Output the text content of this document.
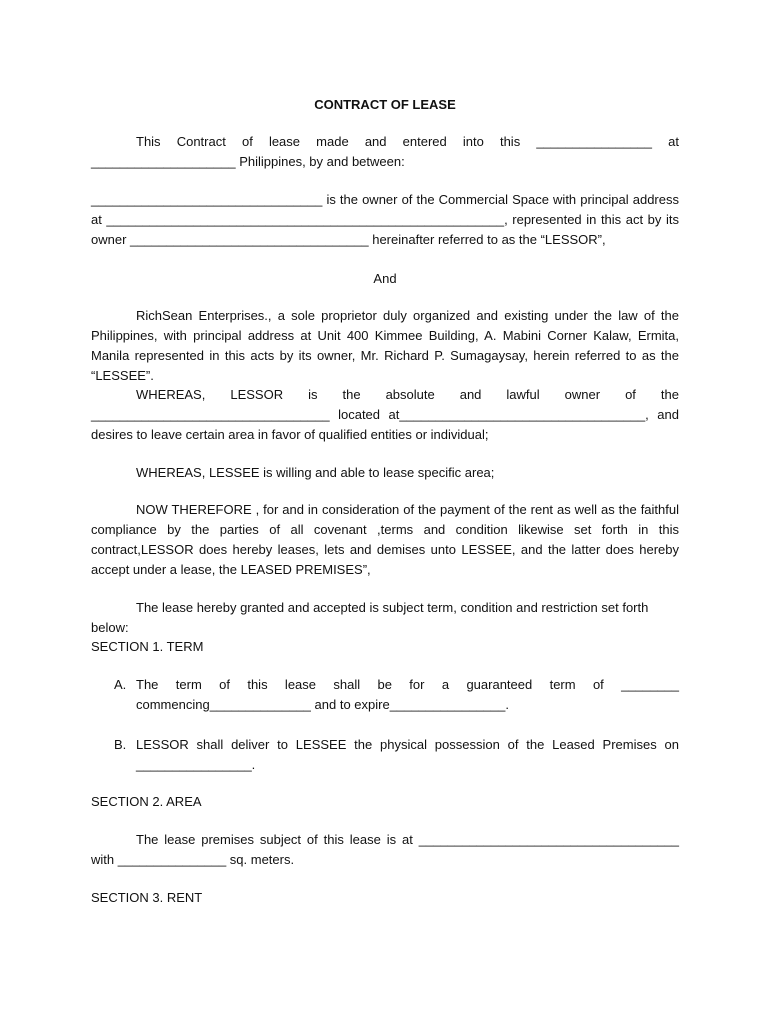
CONTRACT OF LEASE

This Contract of lease made and entered into this ________________ at ____________________ Philippines, by and between:

________________________________ is the owner of the Commercial Space with principal address at _______________________________________________________, represented in this act by its owner _________________________________ hereinafter referred to as the “LESSOR”,

And

RichSean Enterprises., a sole proprietor duly organized and existing under the law of the Philippines, with principal address at Unit 400 Kimmee Building, A. Mabini Corner Kalaw, Ermita, Manila represented in this acts by its owner, Mr. Richard P. Sumagaysay, herein referred to as the “LESSEE”.

WHEREAS, LESSOR is the absolute and lawful owner of the _________________________________ located at__________________________________, and desires to leave certain area in favor of qualified entities or individual;

WHEREAS, LESSEE is willing and able to lease specific area;

NOW THEREFORE , for and in consideration of the payment of the rent as well as the faithful compliance by the parties of all covenant ,terms and condition likewise set forth in this contract,LESSOR does hereby leases, lets and demises unto LESSEE, and the latter does hereby accept under a lease, the LEASED PREMISES”,

The lease hereby granted and accepted is subject term, condition and restriction set forth below:

SECTION 1. TERM

A. The term of this lease shall be for a guaranteed term of ________ commencing______________ and to expire________________.
B. LESSOR shall deliver to LESSEE the physical possession of the Leased Premises on ________________.

SECTION 2. AREA

The lease premises subject of this lease is at ____________________________________ with _______________ sq. meters.

SECTION 3. RENT
